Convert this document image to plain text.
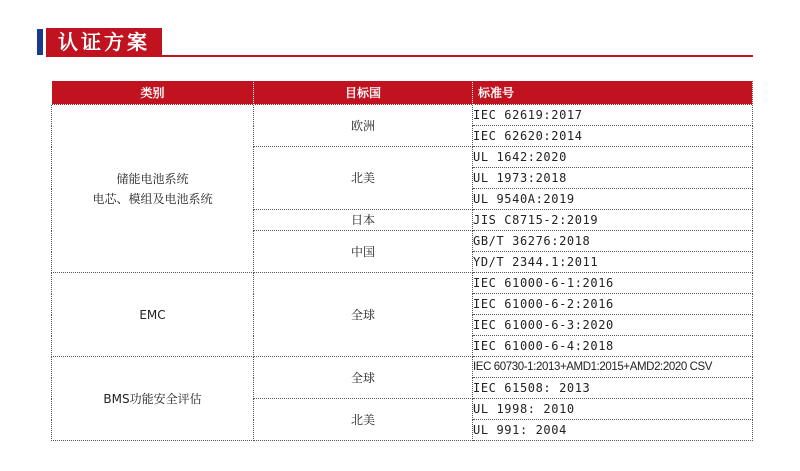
认证方案
类别	目标国	标准号

储能电池系统
电芯、模组及电池系统	欧洲	IEC 62619:2017
		IEC 62620:2014
	北美	UL 1642:2020
		UL 1973:2018
		UL 9540A:2019
	日本	JIS C8715-2:2019
	中国	GB/T 36276:2018
		YD/T 2344.1:2011

EMC	全球	IEC 61000-6-1:2016
		IEC 61000-6-2:2016
		IEC 61000-6-3:2020
		IEC 61000-6-4:2018

BMS功能安全评估	全球	IEC 60730-1:2013+AMD1:2015+AMD2:2020 CSV
		IEC 61508: 2013
	北美	UL 1998: 2010
		UL 991: 2004
